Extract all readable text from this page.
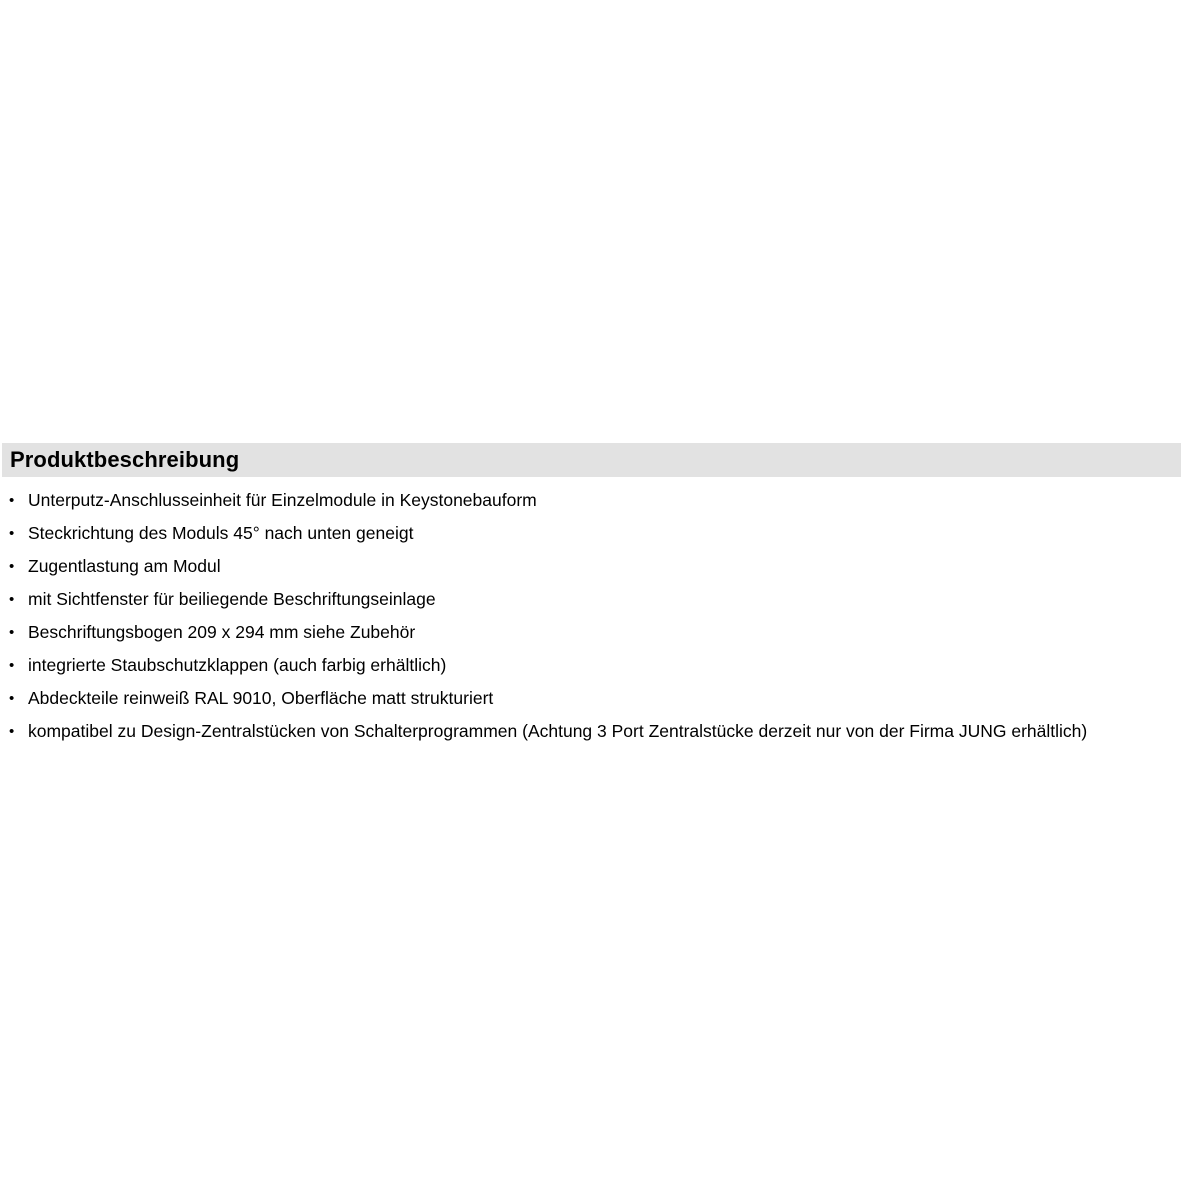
Produktbeschreibung
• Unterputz-Anschlusseinheit für Einzelmodule in Keystonebauform
• Steckrichtung des Moduls 45° nach unten geneigt
• Zugentlastung am Modul
• mit Sichtfenster für beiliegende Beschriftungseinlage
• Beschriftungsbogen 209 x 294 mm siehe Zubehör
• integrierte Staubschutzklappen (auch farbig erhältlich)
• Abdeckteile reinweiß RAL 9010, Oberfläche matt strukturiert
• kompatibel zu Design-Zentralstücken von Schalterprogrammen (Achtung 3 Port Zentralstücke derzeit nur von der Firma JUNG erhältlich)
